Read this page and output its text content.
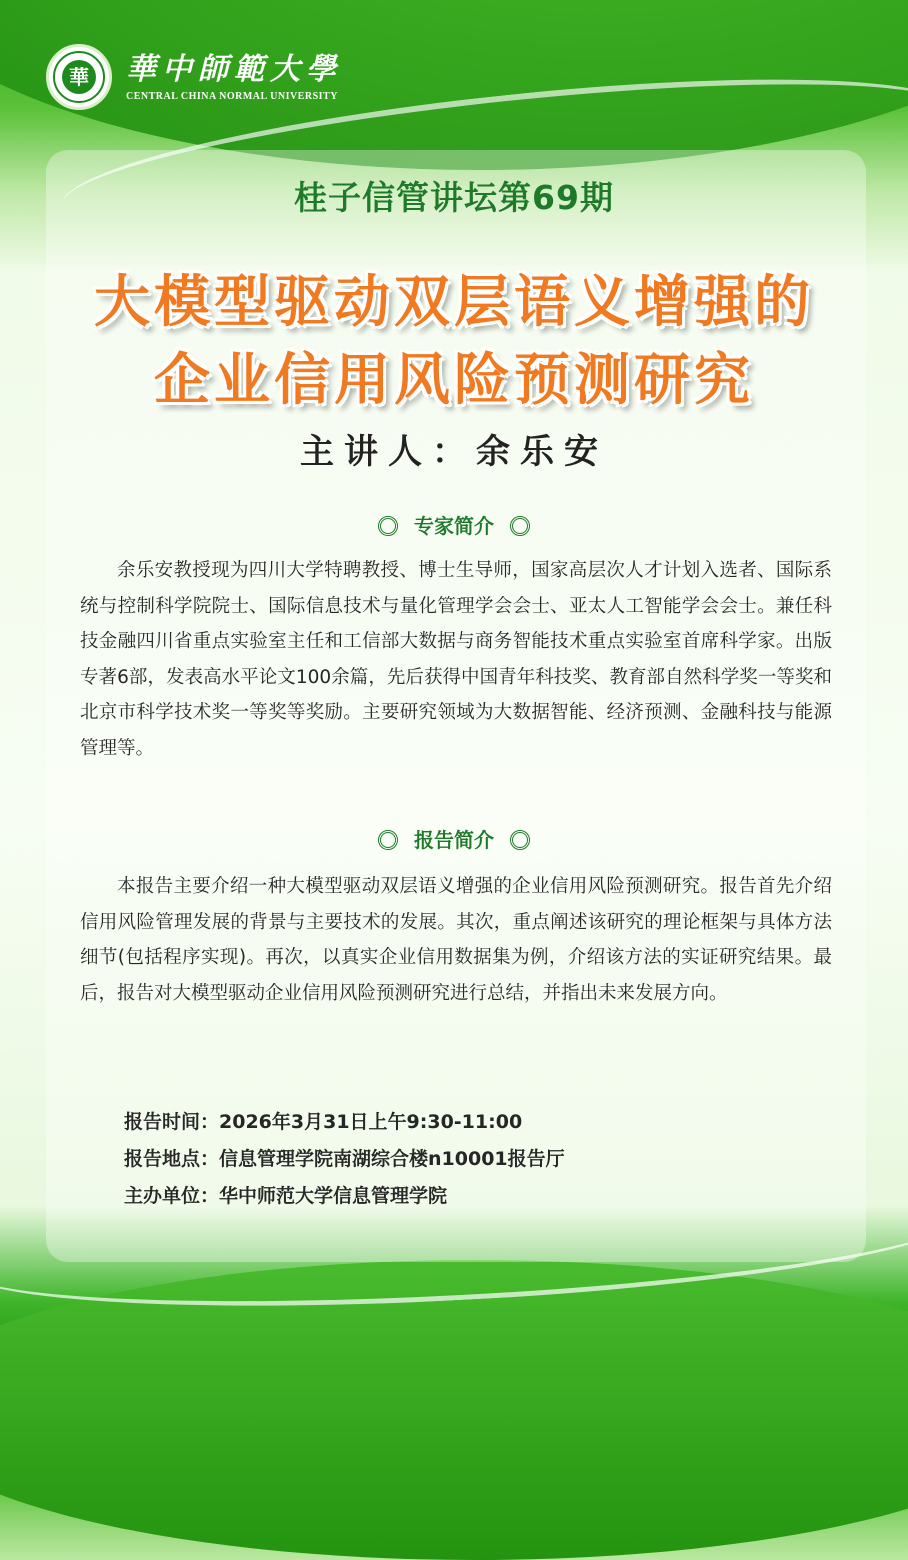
華 華中師範大學
CENTRAL CHINA NORMAL UNIVERSITY
桂子信管讲坛第69期
大模型驱动双层语义增强的
企业信用风险预测研究
主讲人：余乐安
专家简介

余乐安教授现为四川大学特聘教授、博士生导师，国家高层次人才计划入选者、国际系统与控制科学院院士、国际信息技术与量化管理学会会士、亚太人工智能学会会士。兼任科技金融四川省重点实验室主任和工信部大数据与商务智能技术重点实验室首席科学家。出版专著6部，发表高水平论文100余篇，先后获得中国青年科技奖、教育部自然科学奖一等奖和北京市科学技术奖一等奖等奖励。主要研究领域为大数据智能、经济预测、金融科技与能源管理等。

报告简介

本报告主要介绍一种大模型驱动双层语义增强的企业信用风险预测研究。报告首先介绍信用风险管理发展的背景与主要技术的发展。其次，重点阐述该研究的理论框架与具体方法细节(包括程序实现)。再次，以真实企业信用数据集为例，介绍该方法的实证研究结果。最后，报告对大模型驱动企业信用风险预测研究进行总结，并指出未来发展方向。

报告时间：2026年3月31日上午9:30-11:00
报告地点：信息管理学院南湖综合楼n10001报告厅
主办单位：华中师范大学信息管理学院
